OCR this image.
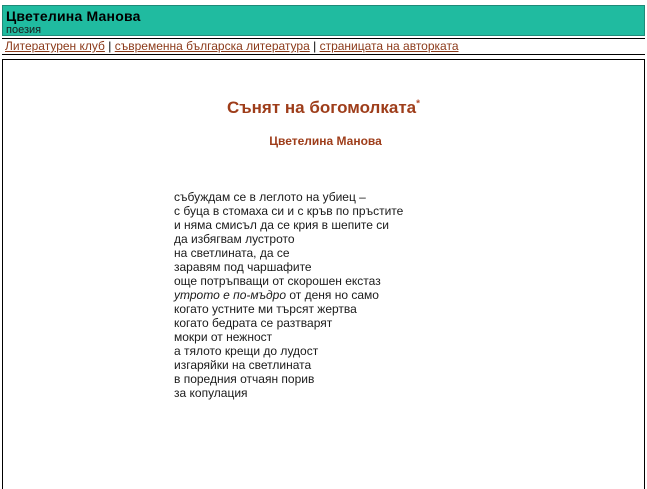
Цветелина Манова
поезия
Литературен клуб | съвременна българска литература | страницата на авторката
Сънят на богомолката*
Цветелина Манова
събуждам се в леглото на убиец –
с буца в стомаха си и с кръв по пръстите
и няма смисъл да се крия в шепите си
да избягвам лустрото
на светлината, да се
заравям под чаршафите
още потръпващи от скорошен екстаз
утрото е по-мъдро от деня но само
когато устните ми търсят жертва
когато бедрата се разтварят
мокри от нежност
а тялото крещи до лудост
изгаряйки на светлината
в поредния отчаян порив
за копулация
